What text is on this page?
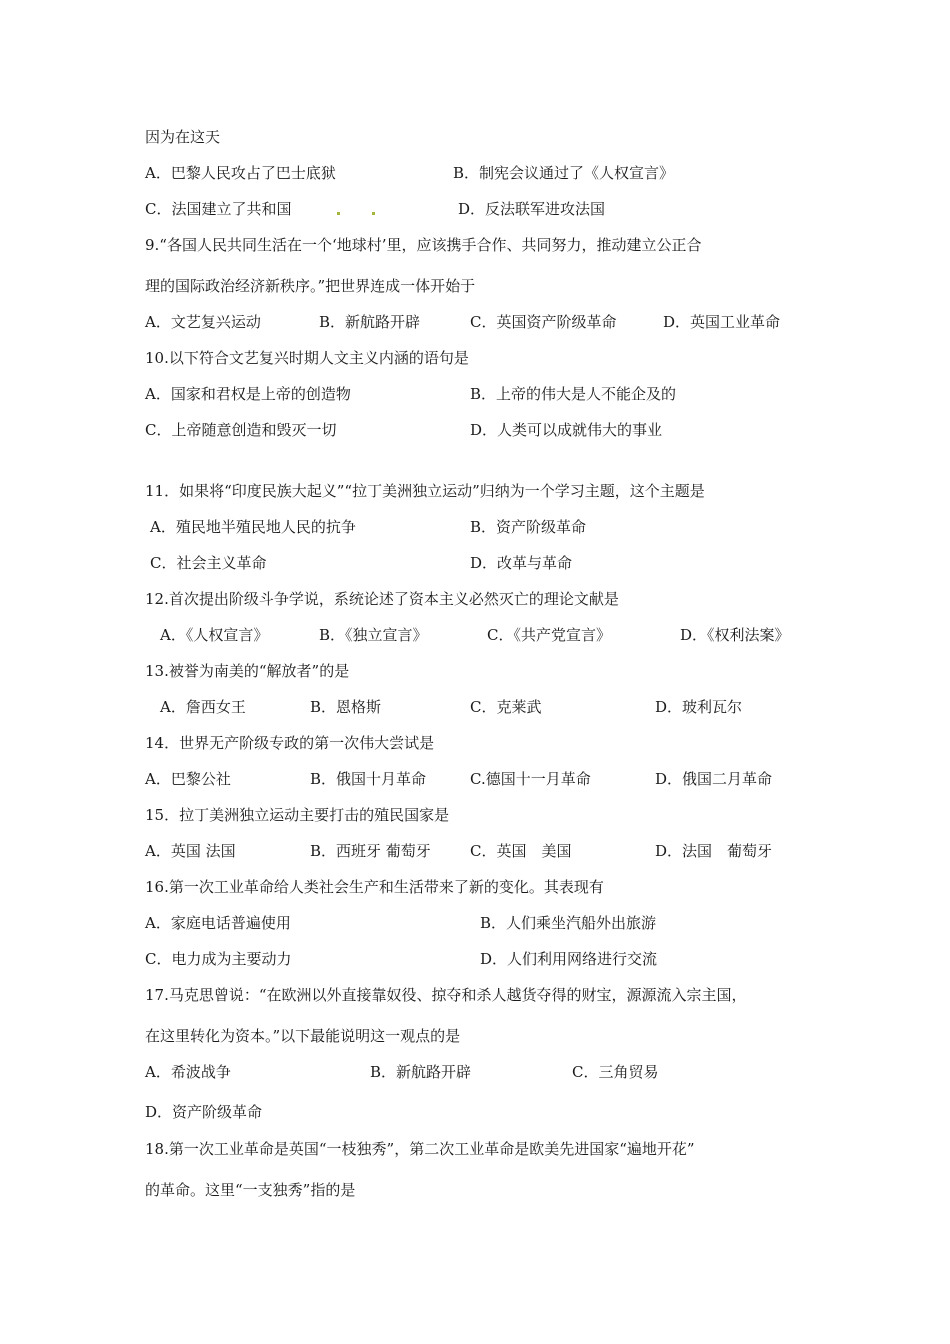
因为在这天
A．巴黎人民攻占了巴士底狱	B．制宪会议通过了《人权宣言》
C．法国建立了共和国	D．反法联军进攻法国
9.“各国人民共同生活在一个‘地球村’里，应该携手合作、共同努力，推动建立公正合
理的国际政治经济新秩序。”把世界连成一体开始于
A．文艺复兴运动	B．新航路开辟	C．英国资产阶级革命	D．英国工业革命
10.以下符合文艺复兴时期人文主义内涵的语句是
A．国家和君权是上帝的创造物	B．上帝的伟大是人不能企及的
C．上帝随意创造和毁灭一切	D．人类可以成就伟大的事业
11．如果将“印度民族大起义”“拉丁美洲独立运动”归纳为一个学习主题，这个主题是
A．殖民地半殖民地人民的抗争	B．资产阶级革命
C．社会主义革命	D．改革与革命
12.首次提出阶级斗争学说，系统论述了资本主义必然灭亡的理论文献是
A．《人权宣言》	B．《独立宣言》	C．《共产党宣言》	D．《权利法案》
13.被誉为南美的“解放者”的是
A．詹西女王	B．恩格斯	C．克莱武	D．玻利瓦尔
14．世界无产阶级专政的第一次伟大尝试是
A．巴黎公社	B．俄国十月革命	C.德国十一月革命	D．俄国二月革命
15．拉丁美洲独立运动主要打击的殖民国家是
A．英国 法国	B．西班牙 葡萄牙	C．英国　美国	D．法国　葡萄牙
16.第一次工业革命给人类社会生产和生活带来了新的变化。其表现有
A．家庭电话普遍使用	B．人们乘坐汽船外出旅游
C．电力成为主要动力	D．人们利用网络进行交流
17.马克思曾说：“在欧洲以外直接靠奴役、掠夺和杀人越货夺得的财宝，源源流入宗主国，
在这里转化为资本。”以下最能说明这一观点的是
A．希波战争	B．新航路开辟	C．三角贸易
D．资产阶级革命
18.第一次工业革命是英国“一枝独秀”，第二次工业革命是欧美先进国家“遍地开花”
的革命。这里“一支独秀”指的是
